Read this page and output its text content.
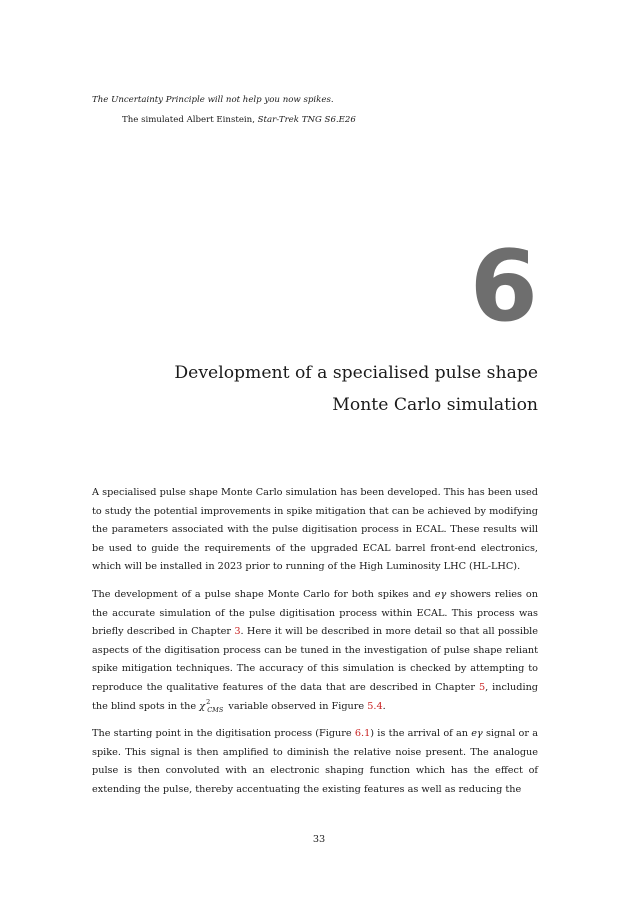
The Uncertainty Principle will not help you now spikes.
The simulated Albert Einstein, Star-Trek TNG S6.E26
6
Development of a specialised pulse shape
Monte Carlo simulation

A specialised pulse shape Monte Carlo simulation has been developed. This has been used to study the potential improvements in spike mitigation that can be achieved by modifying the parameters associated with the pulse digitisation process in ECAL. These results will be used to guide the requirements of the upgraded ECAL barrel front-end electronics, which will be installed in 2023 prior to running of the High Luminosity LHC (HL-LHC).

The development of a pulse shape Monte Carlo for both spikes and eγ showers relies on the accurate simulation of the pulse digitisation process within ECAL. This process was briefly described in Chapter 3. Here it will be described in more detail so that all possible aspects of the digitisation process can be tuned in the investigation of pulse shape reliant spike mitigation techniques. The accuracy of this simulation is checked by attempting to reproduce the qualitative features of the data that are described in Chapter 5, including the blind spots in the $\chi^2_{CMS}$ variable observed in Figure 5.4.

The starting point in the digitisation process (Figure 6.1) is the arrival of an eγ signal or a spike. This signal is then amplified to diminish the relative noise present. The analogue pulse is then convoluted with an electronic shaping function which has the effect of extending the pulse, thereby accentuating the existing features as well as reducing the

33
